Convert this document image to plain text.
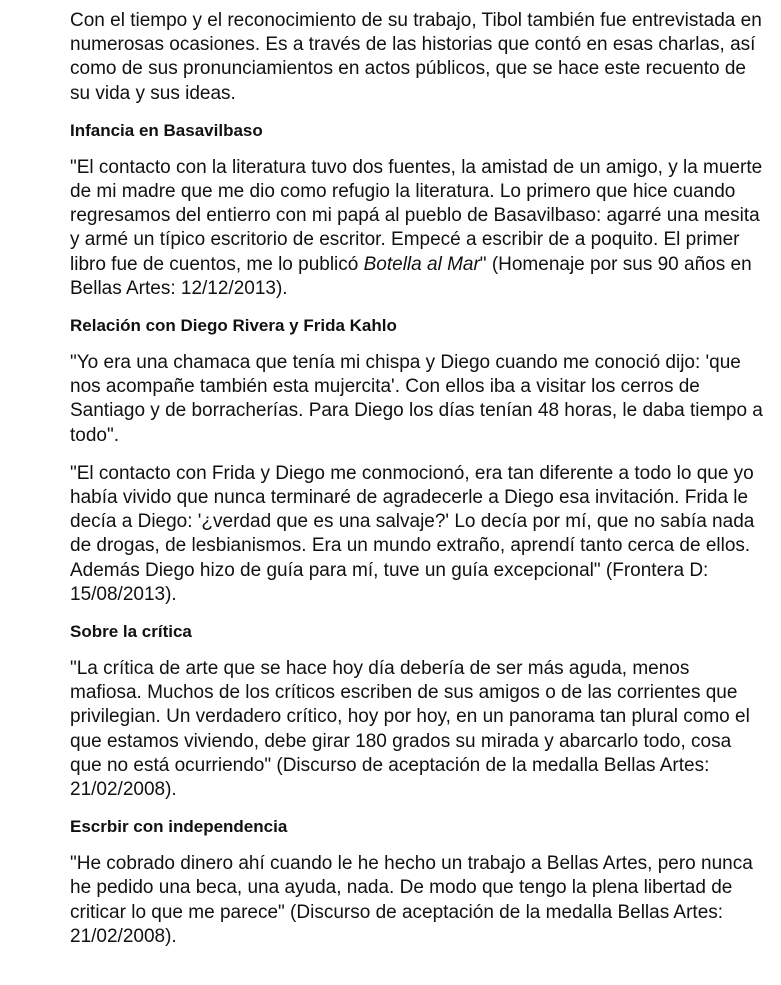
Con el tiempo y el reconocimiento de su trabajo, Tibol también fue entrevistada en numerosas ocasiones. Es a través de las historias que contó en esas charlas, así como de sus pronunciamientos en actos públicos, que se hace este recuento de su vida y sus ideas.

Infancia en Basavilbaso

"El contacto con la literatura tuvo dos fuentes, la amistad de un amigo, y la muerte de mi madre que me dio como refugio la literatura. Lo primero que hice cuando regresamos del entierro con mi papá al pueblo de Basavilbaso: agarré una mesita y armé un típico escritorio de escritor. Empecé a escribir de a poquito. El primer libro fue de cuentos, me lo publicó Botella al Mar" (Homenaje por sus 90 años en Bellas Artes: 12/12/2013).

Relación con Diego Rivera y Frida Kahlo

"Yo era una chamaca que tenía mi chispa y Diego cuando me conoció dijo: 'que nos acompañe también esta mujercita'. Con ellos iba a visitar los cerros de Santiago y de borracherías. Para Diego los días tenían 48 horas, le daba tiempo a todo".

"El contacto con Frida y Diego me conmocionó, era tan diferente a todo lo que yo había vivido que nunca terminaré de agradecerle a Diego esa invitación. Frida le decía a Diego: '¿verdad que es una salvaje?' Lo decía por mí, que no sabía nada de drogas, de lesbianismos. Era un mundo extraño, aprendí tanto cerca de ellos. Además Diego hizo de guía para mí, tuve un guía excepcional" (Frontera D: 15/08/2013).

Sobre la crítica

"La crítica de arte que se hace hoy día debería de ser más aguda, menos mafiosa. Muchos de los críticos escriben de sus amigos o de las corrientes que privilegian. Un verdadero crítico, hoy por hoy, en un panorama tan plural como el que estamos viviendo, debe girar 180 grados su mirada y abarcarlo todo, cosa que no está ocurriendo" (Discurso de aceptación de la medalla Bellas Artes: 21/02/2008).

Escrbir con independencia

"He cobrado dinero ahí cuando le he hecho un trabajo a Bellas Artes, pero nunca he pedido una beca, una ayuda, nada. De modo que tengo la plena libertad de criticar lo que me parece" (Discurso de aceptación de la medalla Bellas Artes: 21/02/2008).
